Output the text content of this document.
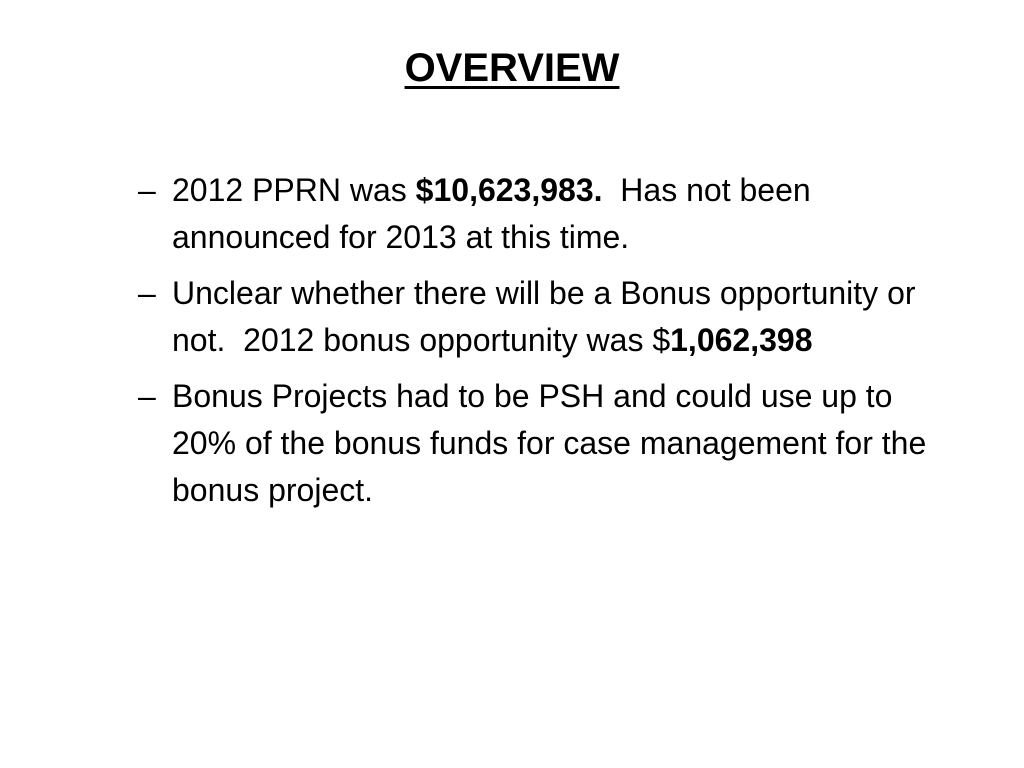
OVERVIEW
– 2012 PPRN was $10,623,983.  Has not been announced for 2013 at this time.
– Unclear whether there will be a Bonus opportunity or not.  2012 bonus opportunity was $1,062,398
– Bonus Projects had to be PSH and could use up to 20% of the bonus funds for case management for the bonus project.
